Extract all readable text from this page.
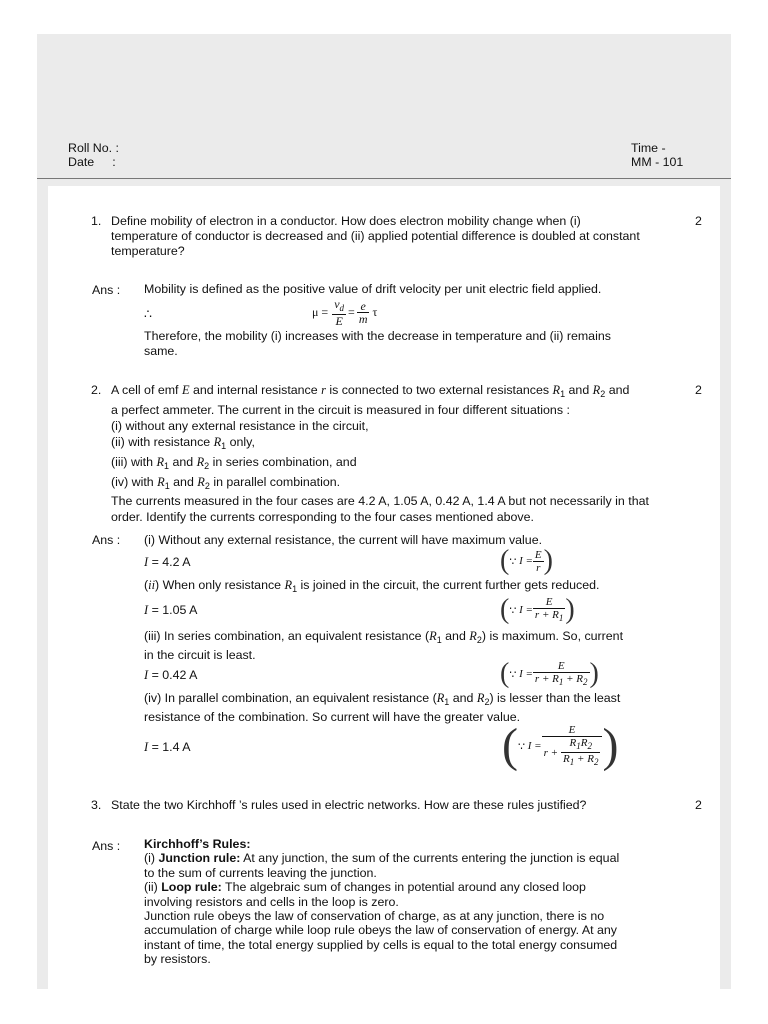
Roll No. :
Date :
Time -
MM - 101
1. Define mobility of electron in a conductor. How does electron mobility change when (i)
temperature of conductor is decreased and (ii) applied potential difference is doubled at constant
temperature?
2
Ans : Mobility is defined as the positive value of drift velocity per unit electric field applied.
∴	$\mu = \frac{v_d}{E} = \frac{e}{m}$ τ
Therefore, the mobility (i) increases with the decrease in temperature and (ii) remains
same.
2. A cell of emf E and internal resistance r is connected to two external resistances $R_1$ and $R_2$ and
a perfect ammeter. The current in the circuit is measured in four different situations :
(i) without any external resistance in the circuit,
(ii) with resistance $R_1$ only,
(iii) with $R_1$ and $R_2$ in series combination, and
(iv) with $R_1$ and $R_2$ in parallel combination.
The currents measured in the four cases are 4.2 A, 1.05 A, 0.42 A, 1.4 A but not necessarily in that
order. Identify the currents corresponding to the four cases mentioned above.
2
Ans : (i) Without any external resistance, the current will have maximum value.
I = 4.2 A	( ∵ $I = \frac{E}{r}$ )
(ii) When only resistance $R_1$ is joined in the circuit, the current further gets reduced.
I = 1.05 A	( ∵ $I = \frac{E}{r + R_1}$ )
(iii) In series combination, an equivalent resistance ($R_1$ and $R_2$) is maximum. So, current
in the circuit is least.
I = 0.42 A	( ∵ $I = \frac{E}{r + R_1 + R_2}$ )
(iv) In parallel combination, an equivalent resistance ($R_1$ and $R_2$) is lesser than the least
resistance of the combination. So current will have the greater value.
I = 1.4 A	( ∵ $I = \frac{E}{r + \frac{R_1R_2}{R_1 + R_2}}$ )
3. State the two Kirchhoff ’s rules used in electric networks. How are these rules justified?	2
Ans : Kirchhoff’s Rules:
(i) Junction rule: At any junction, the sum of the currents entering the junction is equal
to the sum of currents leaving the junction.
(ii) Loop rule: The algebraic sum of changes in potential around any closed loop
involving resistors and cells in the loop is zero.
Junction rule obeys the law of conservation of charge, as at any junction, there is no
accumulation of charge while loop rule obeys the law of conservation of energy. At any
instant of time, the total energy supplied by cells is equal to the total energy consumed
by resistors.
